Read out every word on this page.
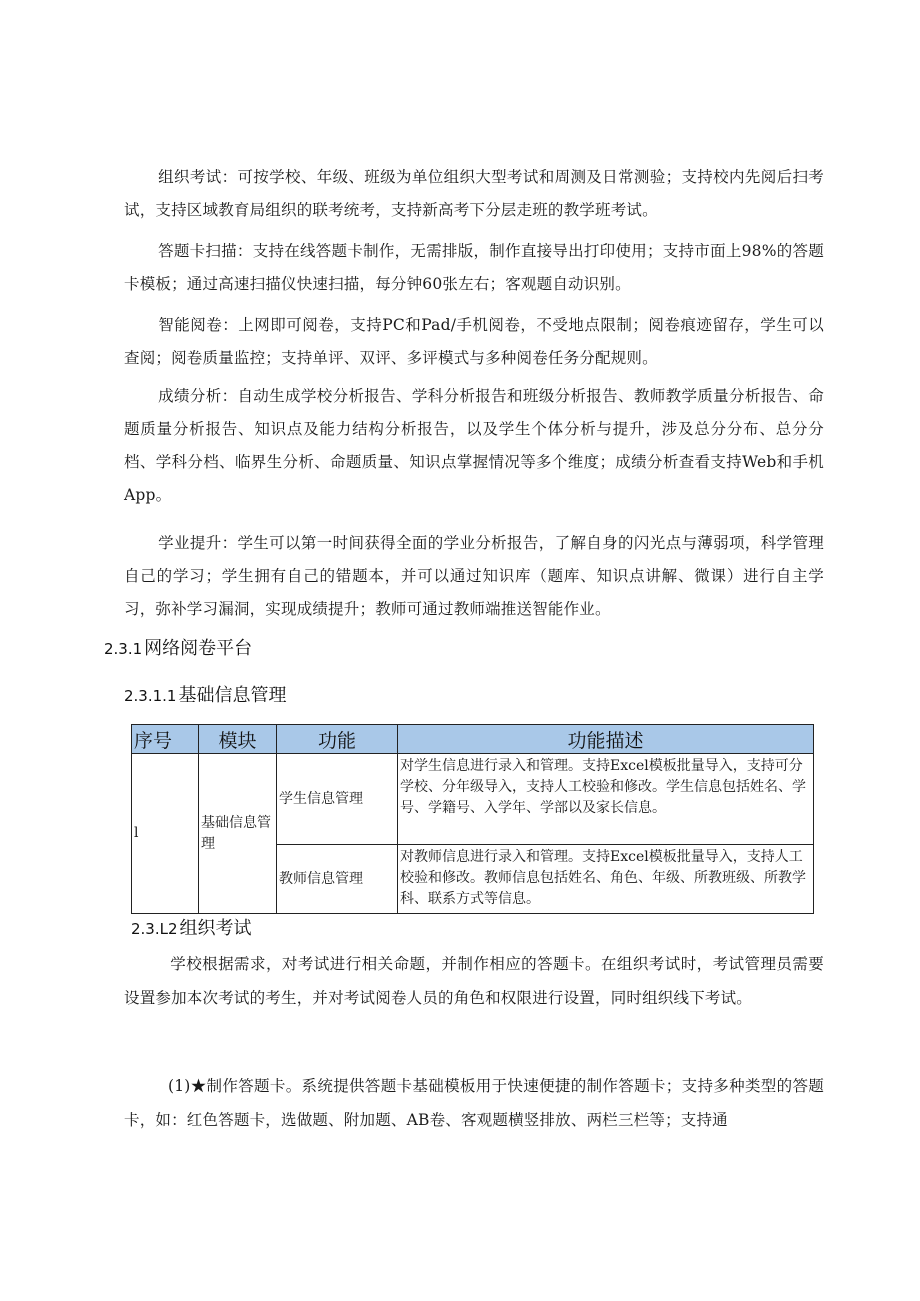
组织考试：可按学校、年级、班级为单位组织大型考试和周测及日常测验；支持校内先阅后扫考试，支持区域教育局组织的联考统考，支持新高考下分层走班的教学班考试。

答题卡扫描：支持在线答题卡制作，无需排版，制作直接导出打印使用；支持市面上98%的答题卡模板；通过高速扫描仪快速扫描，每分钟60张左右；客观题自动识别。

智能阅卷：上网即可阅卷，支持PC和Pad/手机阅卷，不受地点限制；阅卷痕迹留存，学生可以查阅；阅卷质量监控；支持单评、双评、多评模式与多种阅卷任务分配规则。

成绩分析：自动生成学校分析报告、学科分析报告和班级分析报告、教师教学质量分析报告、命题质量分析报告、知识点及能力结构分析报告，以及学生个体分析与提升，涉及总分分布、总分分档、学科分档、临界生分析、命题质量、知识点掌握情况等多个维度；成绩分析查看支持Web和手机App。

学业提升：学生可以第一时间获得全面的学业分析报告，了解自身的闪光点与薄弱项，科学管理自己的学习；学生拥有自己的错题本，并可以通过知识库（题库、知识点讲解、微课）进行自主学习，弥补学习漏洞，实现成绩提升；教师可通过教师端推送智能作业。

2.3.1 网络阅卷平台
2.3.1.1 基础信息管理
序号	模块	功能	功能描述
l	基础信息管理	学生信息管理	对学生信息进行录入和管理。支持Excel模板批量导入，支持可分学校、分年级导入，支持人工校验和修改。学生信息包括姓名、学号、学籍号、入学年、学部以及家长信息。
		教师信息管理	对教师信息进行录入和管理。支持Excel模板批量导入，支持人工校验和修改。教师信息包括姓名、角色、年级、所教班级、所教学科、联系方式等信息。
2.3.L2 组织考试

学校根据需求，对考试进行相关命题，并制作相应的答题卡。在组织考试时，考试管理员需要设置参加本次考试的考生，并对考试阅卷人员的角色和权限进行设置，同时组织线下考试。

(1)★制作答题卡。系统提供答题卡基础模板用于快速便捷的制作答题卡；支持多种类型的答题卡，如：红色答题卡，选做题、附加题、AB卷、客观题横竖排放、两栏三栏等；支持通
